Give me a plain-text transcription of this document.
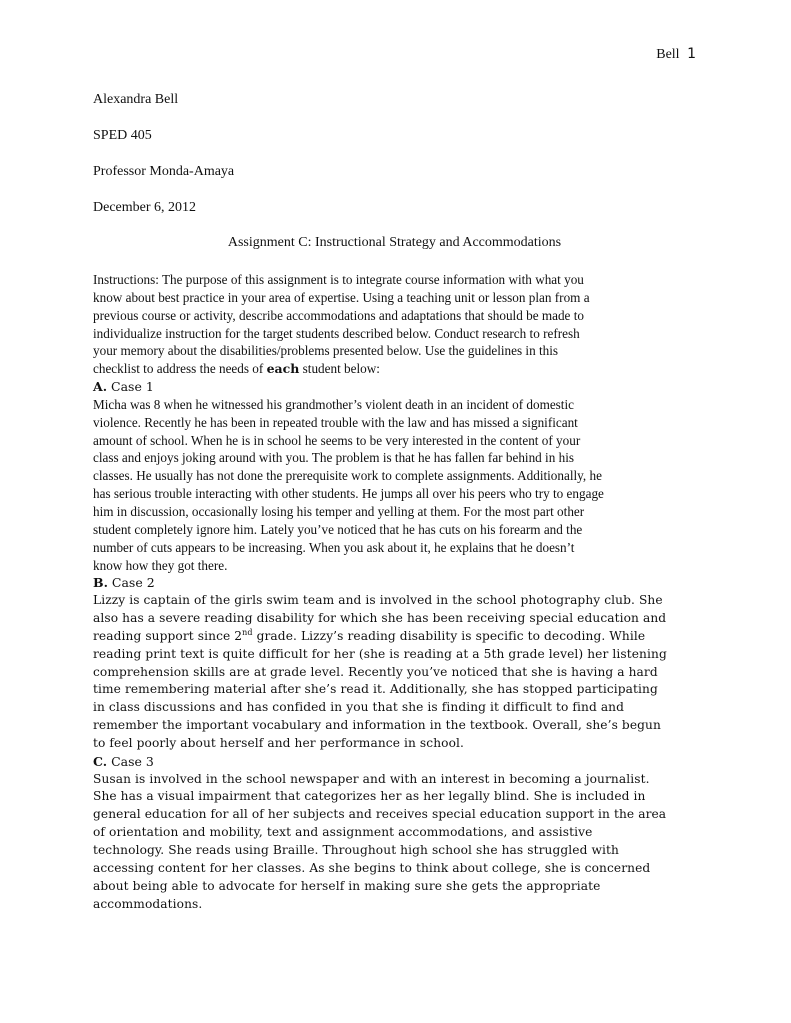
Bell 1
Alexandra Bell
SPED 405
Professor Monda-Amaya
December 6, 2012
Assignment C: Instructional Strategy and Accommodations
Instructions: The purpose of this assignment is to integrate course information with what you
know about best practice in your area of expertise. Using a teaching unit or lesson plan from a
previous course or activity, describe accommodations and adaptations that should be made to
individualize instruction for the target students described below. Conduct research to refresh
your memory about the disabilities/problems presented below. Use the guidelines in this
checklist to address the needs of each student below:
A. Case 1
Micha was 8 when he witnessed his grandmother’s violent death in an incident of domestic
violence. Recently he has been in repeated trouble with the law and has missed a significant
amount of school. When he is in school he seems to be very interested in the content of your
class and enjoys joking around with you. The problem is that he has fallen far behind in his
classes. He usually has not done the prerequisite work to complete assignments. Additionally, he
has serious trouble interacting with other students. He jumps all over his peers who try to engage
him in discussion, occasionally losing his temper and yelling at them. For the most part other
student completely ignore him. Lately you’ve noticed that he has cuts on his forearm and the
number of cuts appears to be increasing. When you ask about it, he explains that he doesn’t
know how they got there.
B. Case 2
Lizzy is captain of the girls swim team and is involved in the school photography club. She
also has a severe reading disability for which she has been receiving special education and
reading support since 2nd grade. Lizzy’s reading disability is specific to decoding. While
reading print text is quite difficult for her (she is reading at a 5th grade level) her listening
comprehension skills are at grade level. Recently you’ve noticed that she is having a hard
time remembering material after she’s read it. Additionally, she has stopped participating
in class discussions and has confided in you that she is finding it difficult to find and
remember the important vocabulary and information in the textbook. Overall, she’s begun
to feel poorly about herself and her performance in school.
C. Case 3
Susan is involved in the school newspaper and with an interest in becoming a journalist.
She has a visual impairment that categorizes her as her legally blind. She is included in
general education for all of her subjects and receives special education support in the area
of orientation and mobility, text and assignment accommodations, and assistive
technology. She reads using Braille. Throughout high school she has struggled with
accessing content for her classes. As she begins to think about college, she is concerned
about being able to advocate for herself in making sure she gets the appropriate
accommodations.
